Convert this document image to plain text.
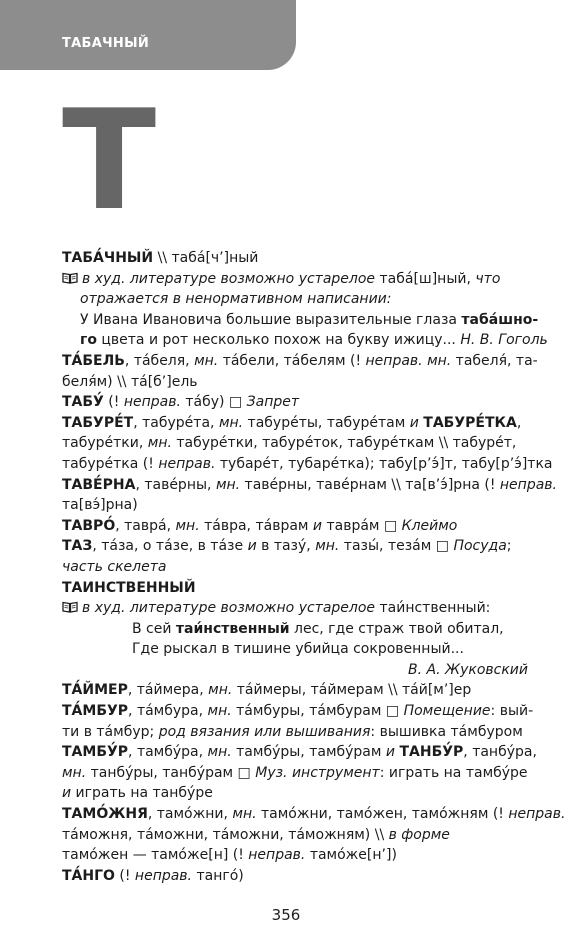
ТАБАЧНЫЙ
Т
ТАБА́ЧНЫЙ \\ таба́[ч’]ный
в худ. литературе возможно устарелое таба́[ш]ный, что
отражается в ненормативном написании:
У Ивана Ивановича большие выразительные глаза таба́шно-
го цвета и рот несколько похож на букву ижицу... Н. В. Гоголь
ТА́БЕЛЬ, та́беля, мн. та́бели, та́белям (! неправ. мн. табеля́, та-
беля́м) \\ та́[б’]ель
ТАБУ́ (! неправ. та́бу) □ Запрет
ТАБУРЕ́Т, табуре́та, мн. табуре́ты, табуре́там и ТАБУРЕ́ТКА,
табуре́тки, мн. табуре́тки, табуре́ток, табуре́ткам \\ табуре́т,
табуре́тка (! неправ. тубаре́т, тубаре́тка); табу[р’э́]т, табу[р’э́]тка
ТАВЕ́РНА, таве́рны, мн. таве́рны, таве́рнам \\ та[в’э́]рна (! неправ.
та[вэ́]рна)
ТАВРО́, тавра́, мн. та́вра, та́врам и тавра́м □ Клеймо
ТАЗ, та́за, о та́зе, в та́зе и в тазу́, мн. тазы́, теза́м □ Посуда;
часть скелета
ТАИНСТВЕННЫЙ
в худ. литературе возможно устарелое таи́нственный:
В сей таи́нственный лес, где страж твой обитал,
Где рыскал в тишине убийца сокровенный...
В. А. Жуковский
ТА́ЙМЕР, та́ймера, мн. та́ймеры, та́ймерам \\ та́й[м’]ер
ТА́МБУР, та́мбура, мн. та́мбуры, та́мбурам □ Помещение: вый-
ти в та́мбур; род вязания или вышивания: вышивка та́мбуром
ТАМБУ́Р, тамбу́ра, мн. тамбу́ры, тамбу́рам и ТАНБУ́Р, танбу́ра,
мн. танбу́ры, танбу́рам □ Муз. инструмент: играть на тамбу́ре
и играть на танбу́ре
ТАМО́ЖНЯ, тамо́жни, мн. тамо́жни, тамо́жен, тамо́жням (! неправ.
та́можня, та́можни, та́можни, та́можням) \\ в форме
тамо́жен — тамо́же[н] (! неправ. тамо́же[н’])
ТА́НГО (! неправ. танго́)
356
